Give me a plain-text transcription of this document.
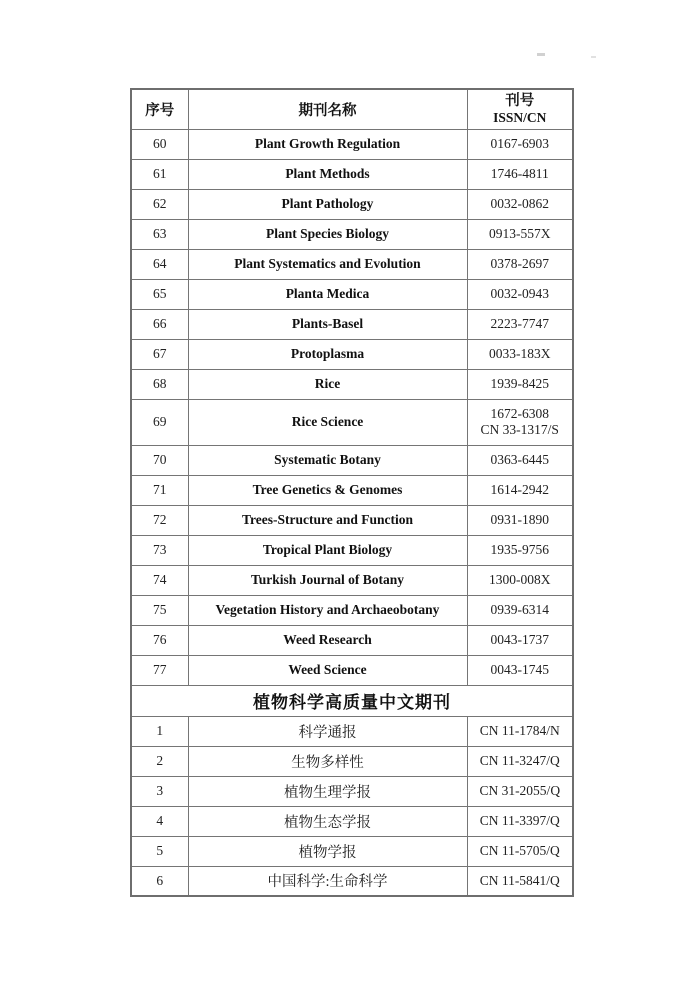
序号	期刊名称	刊号
ISSN/CN

60	Plant Growth Regulation	0167-6903
61	Plant Methods	1746-4811
62	Plant Pathology	0032-0862
63	Plant Species Biology	0913-557X
64	Plant Systematics and Evolution	0378-2697
65	Planta Medica	0032-0943
66	Plants-Basel	2223-7747
67	Protoplasma	0033-183X
68	Rice	1939-8425
69	Rice Science	1672-6308
CN 33-1317/S

70	Systematic Botany	0363-6445
71	Tree Genetics & Genomes	1614-2942
72	Trees-Structure and Function	0931-1890
73	Tropical Plant Biology	1935-9756
74	Turkish Journal of Botany	1300-008X
75	Vegetation History and Archaeobotany	0939-6314
76	Weed Research	0043-1737
77	Weed Science	0043-1745
植物科学高质量中文期刊		
1	科学通报	CN 11-1784/N
2	生物多样性	CN 11-3247/Q
3	植物生理学报	CN 31-2055/Q
4	植物生态学报	CN 11-3397/Q
5	植物学报	CN 11-5705/Q
6	中国科学:生命科学	CN 11-5841/Q
